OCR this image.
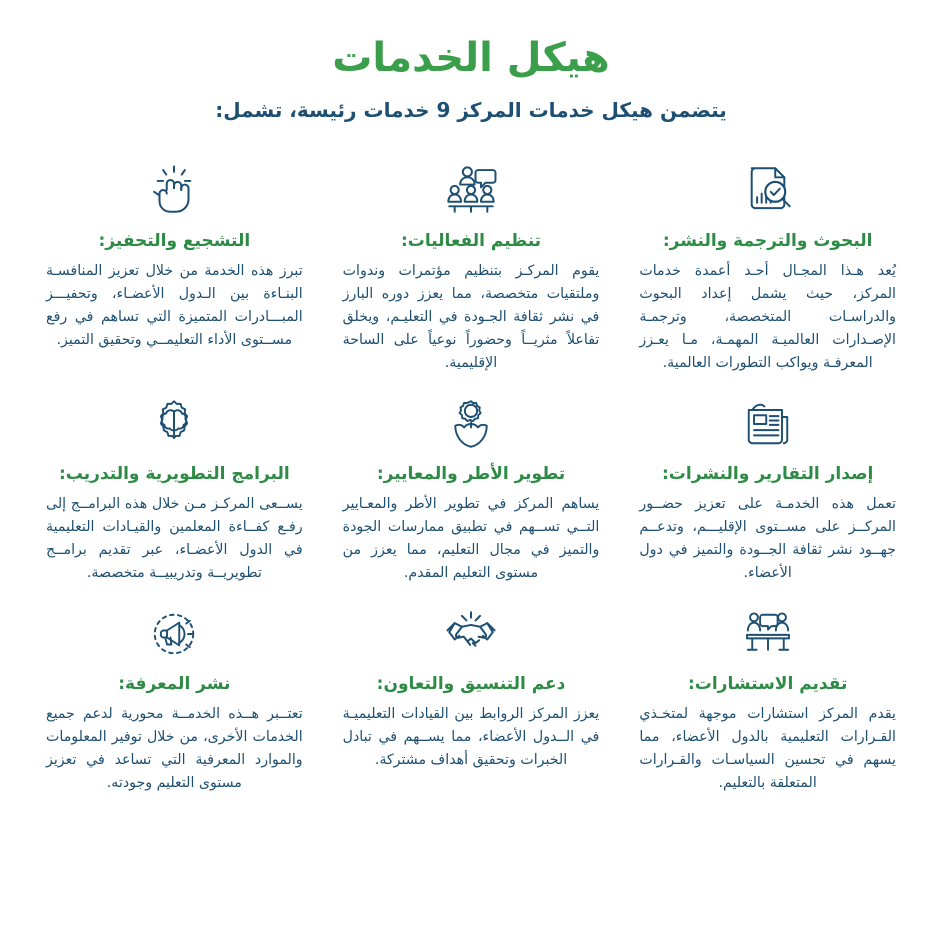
هيكل الخدمات

يتضمن هيكل خدمات المركز 9 خدمات رئيسة، تشمل:

البحوث والترجمة والنشر:

يُعد هـذا المجـال أحـد أعمدة خدمات المركز، حيث يشمل إعداد البحوث والدراسـات المتخصصة، وترجمـة الإصـدارات العالميـة المهمـة، مـا يعـزز المعرفـة ويواكب التطورات العالمية.

تنظيم الفعاليات:

يقوم المركـز بتنظيم مؤتمرات وندوات وملتقيات متخصصة، مما يعزز دوره البارز في نشر ثقافة الجـودة في التعليـم، ويخلق تفاعلاً مثريــاً وحضوراً نوعياً على الساحة الإقليمية.

التشجيع والتحفيز:

تبرز هذه الخدمة من خلال تعزيز المنافسـة البنـاءة بين الـدول الأعضـاء، وتحفيـــز المبـــادرات المتميزة التي تساهم في رفع مســتوى الأداء التعليمــي وتحقيق التميز.

إصدار التقارير والنشرات:

تعمل هذه الخدمـة على تعزيز حضــور المركــز على مســتوى الإقليـــم، وتدعــم جهــود نشر ثقافة الجــودة والتميز في دول الأعضاء.

تطوير الأطر والمعايير:

يساهم المركز في تطوير الأطر والمعـايير التــي تســهم في تطبيق ممارسات الجودة والتميز في مجال التعليم، مما يعزز من مستوى التعليم المقدم.

البرامج التطويرية والتدريب:

يســعى المركـز مـن خلال هذه البرامــج إلى رفـع كفــاءة المعلمين والقيـادات التعليمية في الدول الأعضـاء، عبر تقديم برامــج تطويريــة وتدريبيــة متخصصة.

تقديم الاستشارات:

يقدم المركز استشارات موجهة لمتخـذي القـرارات التعليمية بالدول الأعضاء، مما يسهم في تحسين السياسـات والقـرارات المتعلقة بالتعليم.

دعم التنسيق والتعاون:

يعزز المركز الروابط بين القيادات التعليميـة في الــدول الأعضاء، مما يســهم في تبادل الخبرات وتحقيق أهداف مشتركة.

نشر المعرفة:

تعتــبر هــذه الخدمــة محورية لدعم جميع الخدمات الأخرى، من خلال توفير المعلومات والموارد المعرفية التي تساعد في تعزيز مستوى التعليم وجودته.
